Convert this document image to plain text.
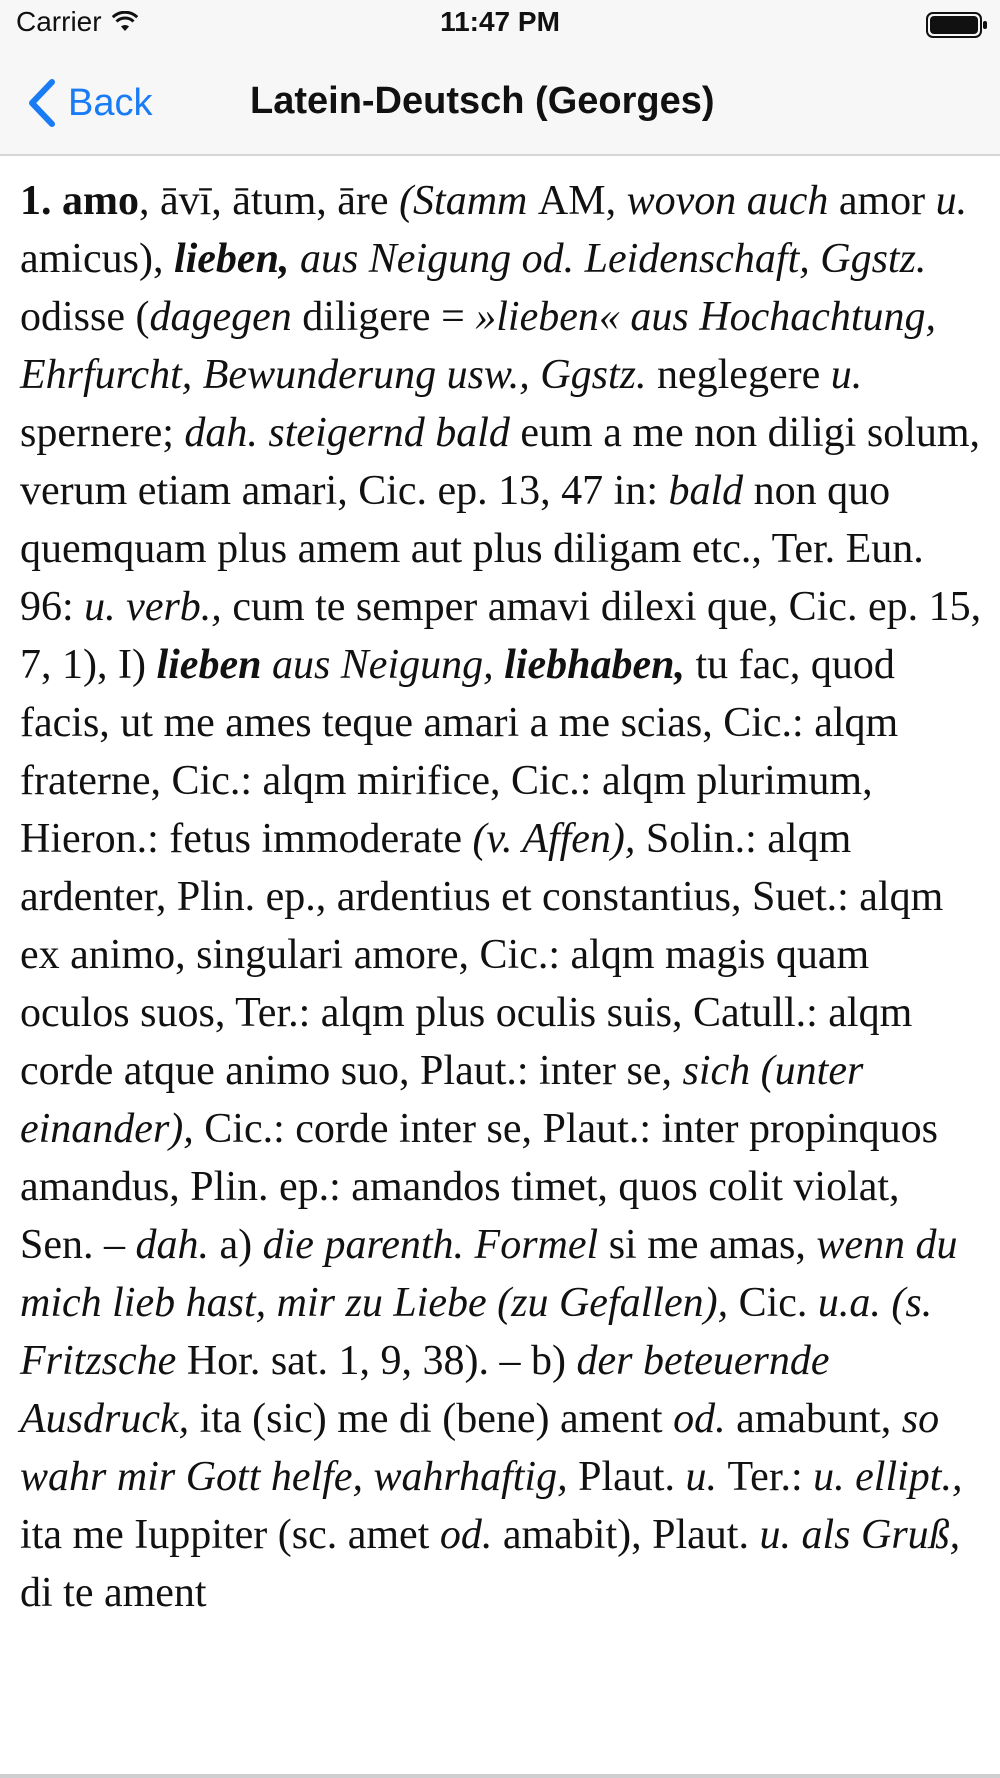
Carrier	11:47 PM
Back	Latein-Deutsch (Georges)

1. amo, āvī, ātum, āre (Stamm AM, wovon auch amor u. amicus), lieben, aus Neigung od. Leidenschaft, Ggstz. odisse (dagegen diligere = »lieben« aus Hochachtung, Ehrfurcht, Bewunderung usw., Ggstz. neglegere u. spernere; dah. steigernd bald eum a me non diligi solum, verum etiam amari, Cic. ep. 13, 47 in: bald non quo quemquam plus amem aut plus diligam etc., Ter. Eun. 96: u. verb., cum te semper amavi dilexi que, Cic. ep. 15, 7, 1), I) lieben aus Neigung, liebhaben, tu fac, quod facis, ut me ames teque amari a me scias, Cic.: alqm fraterne, Cic.: alqm mirifice, Cic.: alqm plurimum, Hieron.: fetus immoderate (v. Affen), Solin.: alqm ardenter, Plin. ep., ardentius et constantius, Suet.: alqm ex animo, singulari amore, Cic.: alqm magis quam oculos suos, Ter.: alqm plus oculis suis, Catull.: alqm corde atque animo suo, Plaut.: inter se, sich (unter einander), Cic.: corde inter se, Plaut.: inter propinquos amandus, Plin. ep.: amandos timet, quos colit violat, Sen. – dah. a) die parenth. Formel si me amas, wenn du mich lieb hast, mir zu Liebe (zu Gefallen), Cic. u.a. (s. Fritzsche Hor. sat. 1, 9, 38). – b) der beteuernde Ausdruck, ita (sic) me di (bene) ament od. amabunt, so wahr mir Gott helfe, wahrhaftig, Plaut. u. Ter.: u. ellipt., ita me Iuppiter (sc. amet od. amabit), Plaut. u. als Gruß, di te ament
